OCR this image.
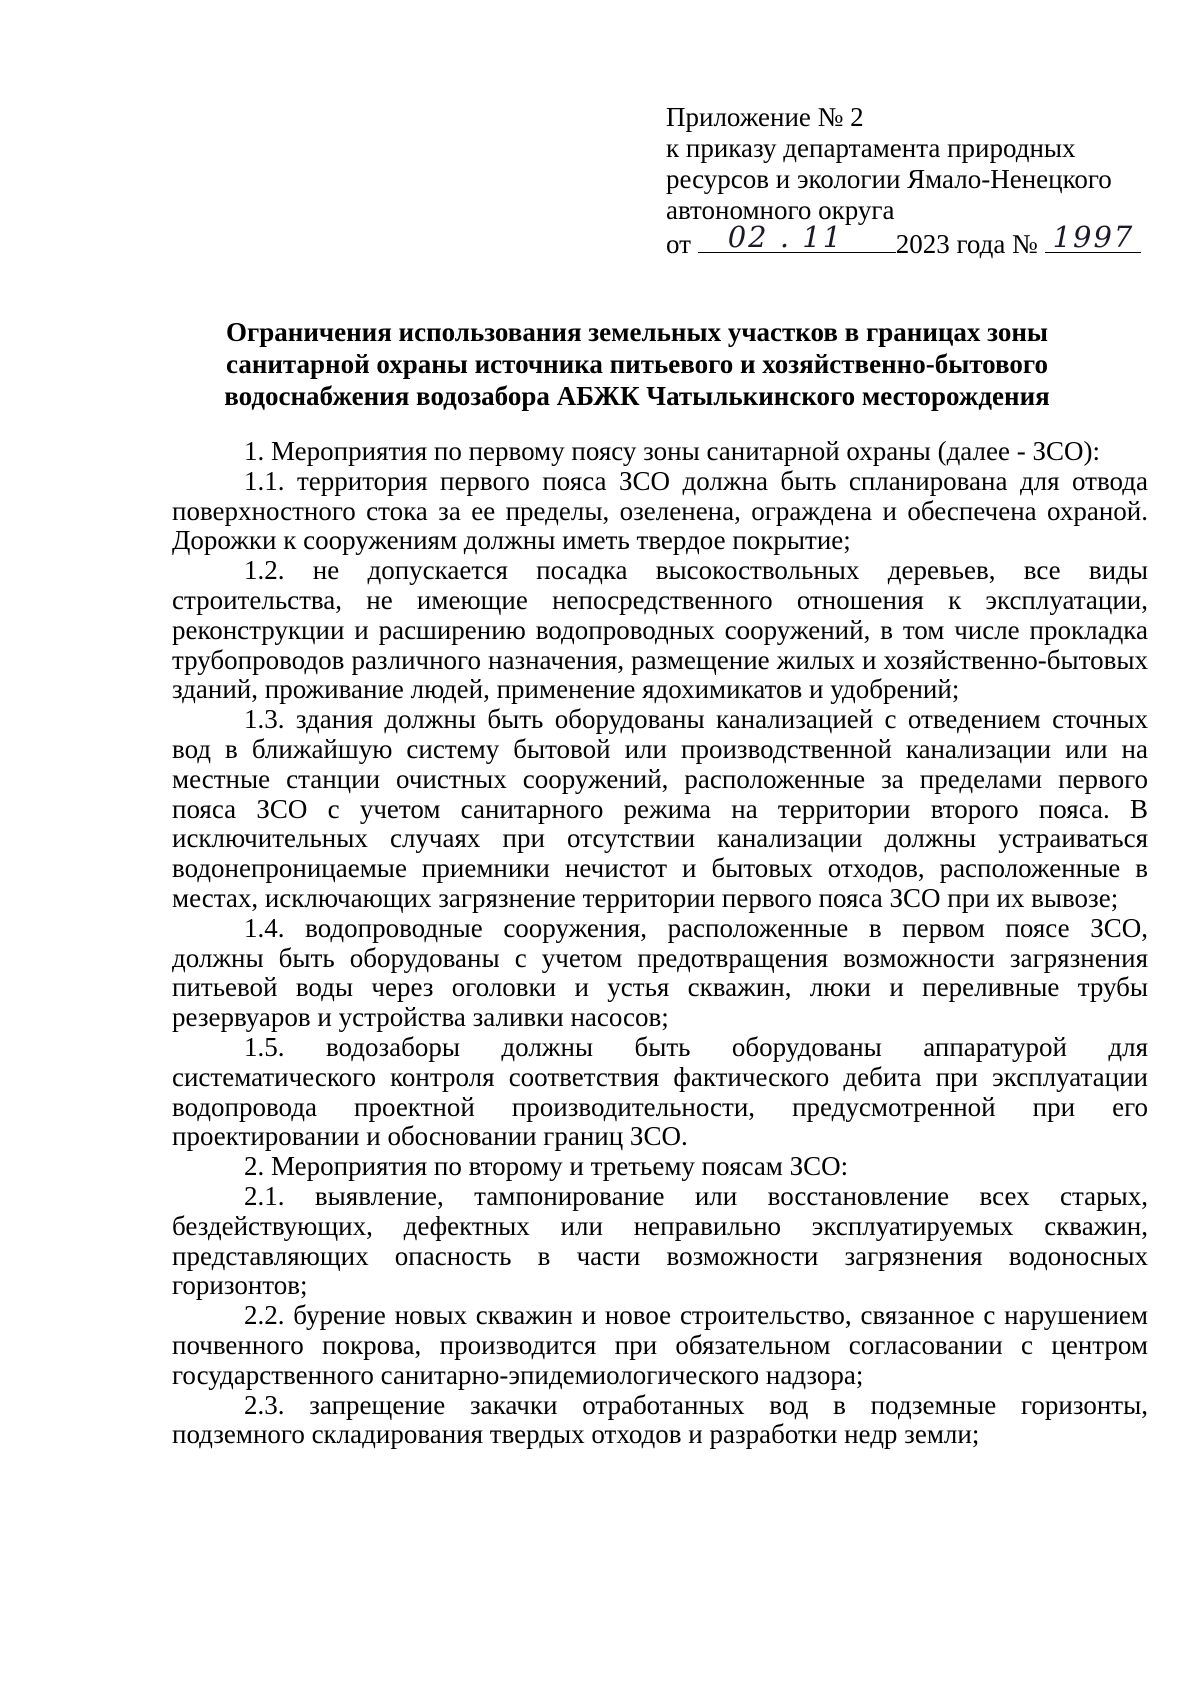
Приложение № 2
к приказу департамента природных
ресурсов и экологии Ямало-Ненецкого
автономного округа
от 02 . 11 2023 года № 1997
Ограничения использования земельных участков в границах зоны
санитарной охраны источника питьевого и хозяйственно-бытового
водоснабжения водозабора АБЖК Чатылькинского месторождения

1. Мероприятия по первому поясу зоны санитарной охраны (далее - ЗСО):

1.1. территория первого пояса ЗСО должна быть спланирована для отвода поверхностного стока за ее пределы, озеленена, ограждена и обеспечена охраной. Дорожки к сооружениям должны иметь твердое покрытие;

1.2. не допускается посадка высокоствольных деревьев, все виды строительства, не имеющие непосредственного отношения к эксплуатации, реконструкции и расширению водопроводных сооружений, в том числе прокладка трубопроводов различного назначения, размещение жилых и хозяйственно-бытовых зданий, проживание людей, применение ядохимикатов и удобрений;

1.3. здания должны быть оборудованы канализацией с отведением сточных вод в ближайшую систему бытовой или производственной канализации или на местные станции очистных сооружений, расположенные за пределами первого пояса ЗСО с учетом санитарного режима на территории второго пояса. В исключительных случаях при отсутствии канализации должны устраиваться водонепроницаемые приемники нечистот и бытовых отходов, расположенные в местах, исключающих загрязнение территории первого пояса ЗСО при их вывозе;

1.4. водопроводные сооружения, расположенные в первом поясе ЗСО, должны быть оборудованы с учетом предотвращения возможности загрязнения питьевой воды через оголовки и устья скважин, люки и переливные трубы резервуаров и устройства заливки насосов;

1.5. водозаборы должны быть оборудованы аппаратурой для систематического контроля соответствия фактического дебита при эксплуатации водопровода проектной производительности, предусмотренной при его проектировании и обосновании границ ЗСО.

2. Мероприятия по второму и третьему поясам ЗСО:

2.1. выявление, тампонирование или восстановление всех старых, бездействующих, дефектных или неправильно эксплуатируемых скважин, представляющих опасность в части возможности загрязнения водоносных горизонтов;

2.2. бурение новых скважин и новое строительство, связанное с нарушением почвенного покрова, производится при обязательном согласовании с центром государственного санитарно-эпидемиологического надзора;

2.3. запрещение закачки отработанных вод в подземные горизонты, подземного складирования твердых отходов и разработки недр земли;
